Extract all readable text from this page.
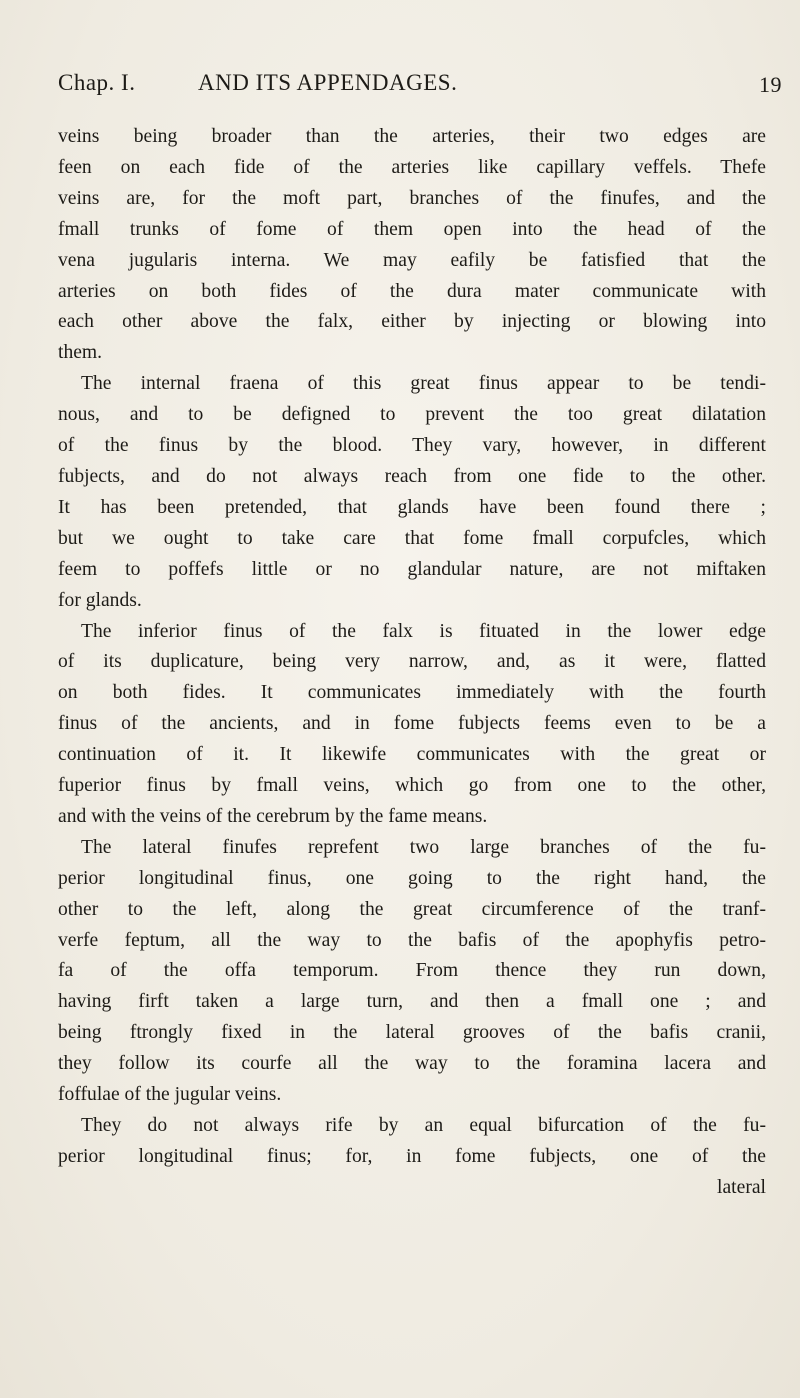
Chap. I.	AND ITS APPENDAGES.	19

veins being broader than the arteries, their two edges are
feen on each fide of the arteries like capillary veffels. Thefe
veins are, for the moft part, branches of the finufes, and the
fmall trunks of fome of them open into the head of the
vena jugularis interna. We may eafily be fatisfied that the
arteries on both fides of the dura mater communicate with
each other above the falx, either by injecting or blowing into
them.

The internal fraena of this great finus appear to be tendi-
nous, and to be defigned to prevent the too great dilatation
of the finus by the blood. They vary, however, in different
fubjects, and do not always reach from one fide to the other.
It has been pretended, that glands have been found there ;
but we ought to take care that fome fmall corpufcles, which
feem to poffefs little or no glandular nature, are not miftaken
for glands.

The inferior finus of the falx is fituated in the lower edge
of its duplicature, being very narrow, and, as it were, flatted
on both fides. It communicates immediately with the fourth
finus of the ancients, and in fome fubjects feems even to be a
continuation of it. It likewife communicates with the great or
fuperior finus by fmall veins, which go from one to the other,
and with the veins of the cerebrum by the fame means.

The lateral finufes reprefent two large branches of the fu-
perior longitudinal finus, one going to the right hand, the
other to the left, along the great circumference of the tranf-
verfe feptum, all the way to the bafis of the apophyfis petro-
fa of the offa temporum. From thence they run down,
having firft taken a large turn, and then a fmall one ; and
being ftrongly fixed in the lateral grooves of the bafis cranii,
they follow its courfe all the way to the foramina lacera and
foffulae of the jugular veins.

They do not always rife by an equal bifurcation of the fu-
perior longitudinal finus; for, in fome fubjects, one of the

lateral
